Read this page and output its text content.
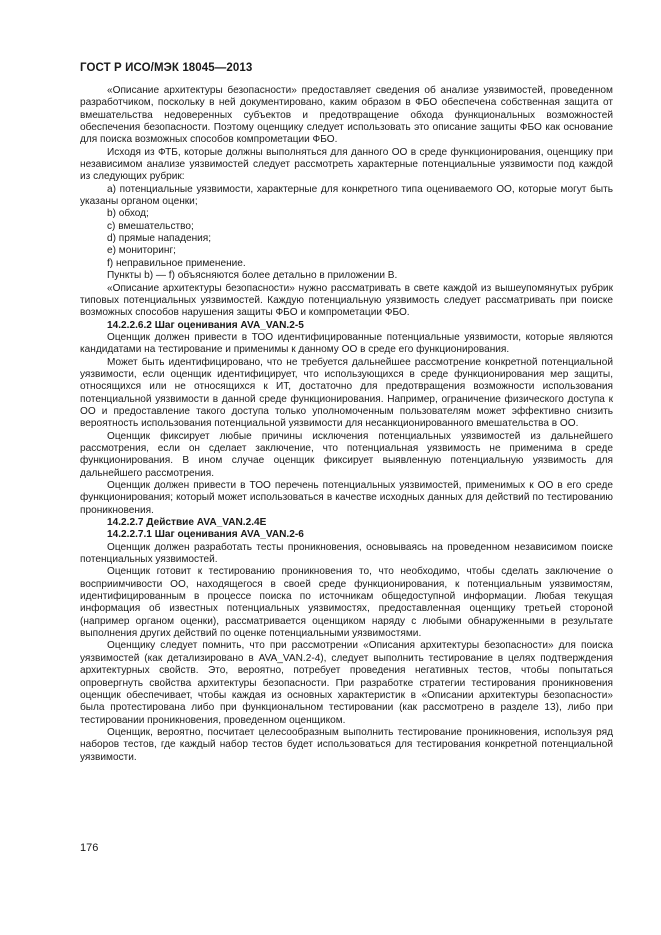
ГОСТ Р ИСО/МЭК 18045—2013

«Описание архитектуры безопасности» предоставляет сведения об анализе уязвимостей, проведенном разработчиком, поскольку в ней документировано, каким образом в ФБО обеспечена собственная защита от вмешательства недоверенных субъектов и предотвращение обхода функциональных возможностей обеспечения безопасности. Поэтому оценщику следует использовать это описание защиты ФБО как основание для поиска возможных способов компрометации ФБО.

Исходя из ФТБ, которые должны выполняться для данного ОО в среде функционирования, оценщику при независимом анализе уязвимостей следует рассмотреть характерные потенциальные уязвимости под каждой из следующих рубрик:

a) потенциальные уязвимости, характерные для конкретного типа оцениваемого ОО, которые могут быть указаны органом оценки;

b) обход;

c) вмешательство;

d) прямые нападения;

e) мониторинг;

f) неправильное применение.

Пункты b) — f) объясняются более детально в приложении В.

«Описание архитектуры безопасности» нужно рассматривать в свете каждой из вышеупомянутых рубрик типовых потенциальных уязвимостей. Каждую потенциальную уязвимость следует рассматривать при поиске возможных способов нарушения защиты ФБО и компрометации ФБО.

14.2.2.6.2 Шаг оценивания AVA_VAN.2-5

Оценщик должен привести в ТОО идентифицированные потенциальные уязвимости, которые являются кандидатами на тестирование и применимы к данному ОО в среде его функционирования.

Может быть идентифицировано, что не требуется дальнейшее рассмотрение конкретной потенциальной уязвимости, если оценщик идентифицирует, что использующихся в среде функционирования мер защиты, относящихся или не относящихся к ИТ, достаточно для предотвращения возможности использования потенциальной уязвимости в данной среде функционирования. Например, ограничение физического доступа к ОО и предоставление такого доступа только уполномоченным пользователям может эффективно снизить вероятность использования потенциальной уязвимости для несанкционированного вмешательства в ОО.

Оценщик фиксирует любые причины исключения потенциальных уязвимостей из дальнейшего рассмотрения, если он сделает заключение, что потенциальная уязвимость не применима в среде функционирования. В ином случае оценщик фиксирует выявленную потенциальную уязвимость для дальнейшего рассмотрения.

Оценщик должен привести в ТОО перечень потенциальных уязвимостей, применимых к ОО в его среде функционирования; который может использоваться в качестве исходных данных для действий по тестированию проникновения.

14.2.2.7 Действие AVA_VAN.2.4E

14.2.2.7.1 Шаг оценивания AVA_VAN.2-6

Оценщик должен разработать тесты проникновения, основываясь на проведенном независимом поиске потенциальных уязвимостей.

Оценщик готовит к тестированию проникновения то, что необходимо, чтобы сделать заключение о восприимчивости ОО, находящегося в своей среде функционирования, к потенциальным уязвимостям, идентифицированным в процессе поиска по источникам общедоступной информации. Любая текущая информация об известных потенциальных уязвимостях, предоставленная оценщику третьей стороной (например органом оценки), рассматривается оценщиком наряду с любыми обнаруженными в результате выполнения других действий по оценке потенциальными уязвимостями.

Оценщику следует помнить, что при рассмотрении «Описания архитектуры безопасности» для поиска уязвимостей (как детализировано в AVA_VAN.2-4), следует выполнить тестирование в целях подтверждения архитектурных свойств. Это, вероятно, потребует проведения негативных тестов, чтобы попытаться опровергнуть свойства архитектуры безопасности. При разработке стратегии тестирования проникновения оценщик обеспечивает, чтобы каждая из основных характеристик в «Описании архитектуры безопасности» была протестирована либо при функциональном тестировании (как рассмотрено в разделе 13), либо при тестировании проникновения, проведенном оценщиком.

Оценщик, вероятно, посчитает целесообразным выполнить тестирование проникновения, используя ряд наборов тестов, где каждый набор тестов будет использоваться для тестирования конкретной потенциальной уязвимости.

176
